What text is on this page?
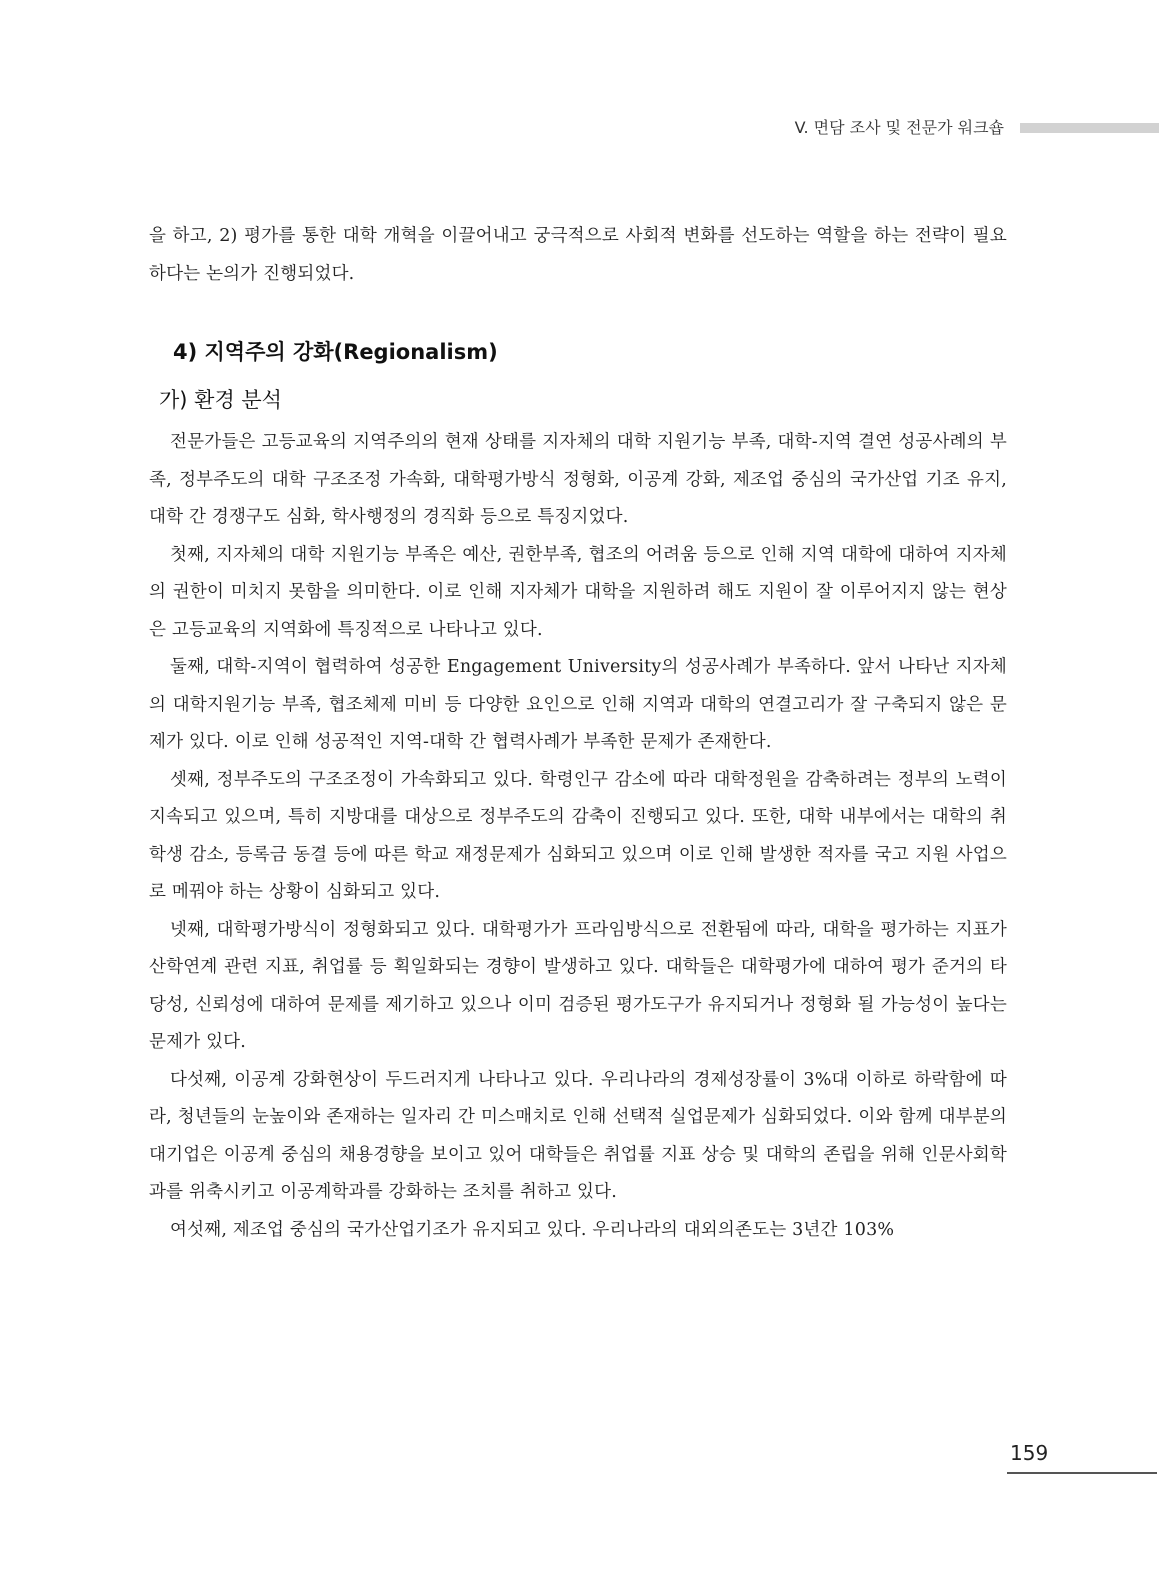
V. 면담 조사 및 전문가 워크숍

을 하고, 2) 평가를 통한 대학 개혁을 이끌어내고 궁극적으로 사회적 변화를 선도하는 역할을 하는 전략이 필요하다는 논의가 진행되었다.

4) 지역주의 강화(Regionalism)
가) 환경 분석

전문가들은 고등교육의 지역주의의 현재 상태를 지자체의 대학 지원기능 부족, 대학-지역 결연 성공사례의 부족, 정부주도의 대학 구조조정 가속화, 대학평가방식 정형화, 이공계 강화, 제조업 중심의 국가산업 기조 유지, 대학 간 경쟁구도 심화, 학사행정의 경직화 등으로 특징지었다.

첫째, 지자체의 대학 지원기능 부족은 예산, 권한부족, 협조의 어려움 등으로 인해 지역 대학에 대하여 지자체의 권한이 미치지 못함을 의미한다. 이로 인해 지자체가 대학을 지원하려 해도 지원이 잘 이루어지지 않는 현상은 고등교육의 지역화에 특징적으로 나타나고 있다.

둘째, 대학-지역이 협력하여 성공한 Engagement University의 성공사례가 부족하다. 앞서 나타난 지자체의 대학지원기능 부족, 협조체제 미비 등 다양한 요인으로 인해 지역과 대학의 연결고리가 잘 구축되지 않은 문제가 있다. 이로 인해 성공적인 지역-대학 간 협력사례가 부족한 문제가 존재한다.

셋째, 정부주도의 구조조정이 가속화되고 있다. 학령인구 감소에 따라 대학정원을 감축하려는 정부의 노력이 지속되고 있으며, 특히 지방대를 대상으로 정부주도의 감축이 진행되고 있다. 또한, 대학 내부에서는 대학의 취학생 감소, 등록금 동결 등에 따른 학교 재정문제가 심화되고 있으며 이로 인해 발생한 적자를 국고 지원 사업으로 메꿔야 하는 상황이 심화되고 있다.

넷째, 대학평가방식이 정형화되고 있다. 대학평가가 프라임방식으로 전환됨에 따라, 대학을 평가하는 지표가 산학연계 관련 지표, 취업률 등 획일화되는 경향이 발생하고 있다. 대학들은 대학평가에 대하여 평가 준거의 타당성, 신뢰성에 대하여 문제를 제기하고 있으나 이미 검증된 평가도구가 유지되거나 정형화 될 가능성이 높다는 문제가 있다.

다섯째, 이공계 강화현상이 두드러지게 나타나고 있다. 우리나라의 경제성장률이 3%대 이하로 하락함에 따라, 청년들의 눈높이와 존재하는 일자리 간 미스매치로 인해 선택적 실업문제가 심화되었다. 이와 함께 대부분의 대기업은 이공계 중심의 채용경향을 보이고 있어 대학들은 취업률 지표 상승 및 대학의 존립을 위해 인문사회학과를 위축시키고 이공계학과를 강화하는 조치를 취하고 있다.

여섯째, 제조업 중심의 국가산업기조가 유지되고 있다. 우리나라의 대외의존도는 3년간 103%

159
